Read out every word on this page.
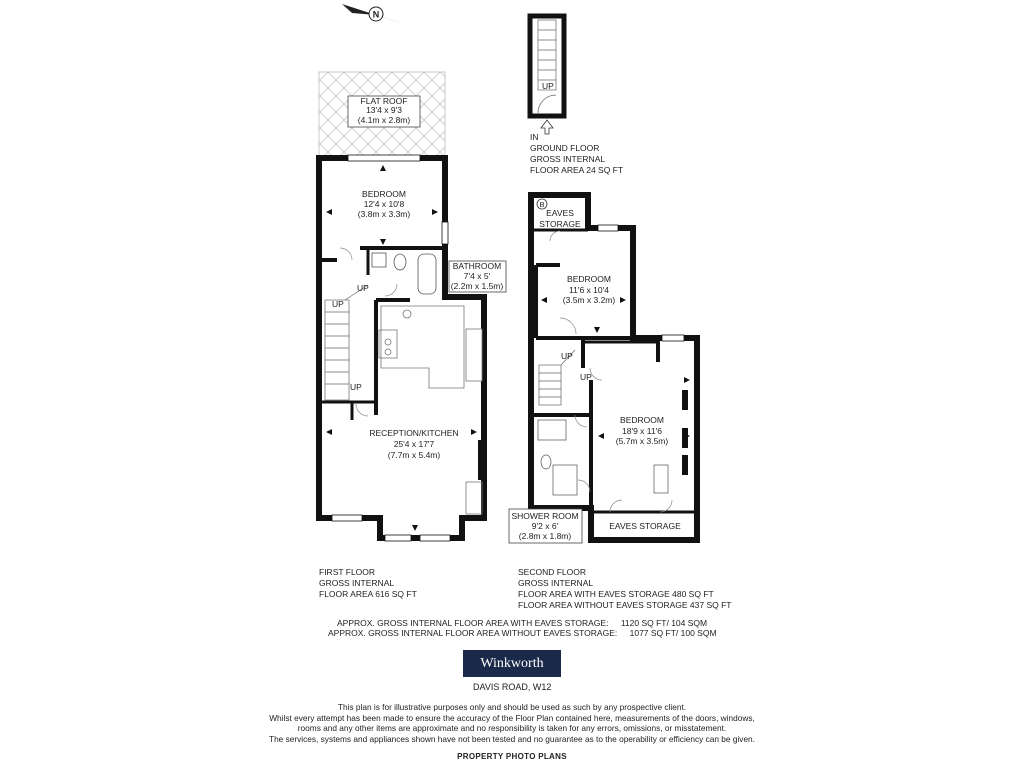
N
FLAT ROOF
13'4 x 9'3
(4.1m x 2.8m)
BEDROOM
12'4 x 10'8
(3.8m x 3.3m)
BATHROOM
7'4 x 5'
(2.2m x 1.5m)
RECEPTION/KITCHEN
25'4 x 17'7
(7.7m x 5.4m)
UP
UP
UP
UP
B
EAVES
STORAGE
BEDROOM
11'6 x 10'4
(3.5m x 3.2m)
BEDROOM
18'9 x 11'6
(5.7m x 3.5m)
EAVES STORAGE
UP
UP
SHOWER ROOM
9'2 x 6'
(2.8m x 1.8m)
IN
GROUND FLOOR
GROSS INTERNAL
FLOOR AREA 24 SQ FT
FIRST FLOOR
GROSS INTERNAL
FLOOR AREA 616 SQ FT
SECOND FLOOR
GROSS INTERNAL
FLOOR AREA WITH EAVES STORAGE 480 SQ FT
FLOOR AREA WITHOUT EAVES STORAGE 437 SQ FT
APPROX. GROSS INTERNAL FLOOR AREA WITH EAVES STORAGE: 1120 SQ FT/ 104 SQM
APPROX. GROSS INTERNAL FLOOR AREA WITHOUT EAVES STORAGE: 1077 SQ FT/ 100 SQM
Winkworth
DAVIS ROAD, W12
This plan is for illustrative purposes only and should be used as such by any prospective client.
Whilst every attempt has been made to ensure the accuracy of the Floor Plan contained here, measurements of the doors, windows,
rooms and any other items are approximate and no responsibility is taken for any errors, omissions, or misstatement.
The services, systems and appliances shown have not been tested and no guarantee as to the operability or efficiency can be given.
PROPERTY PHOTO PLANS
